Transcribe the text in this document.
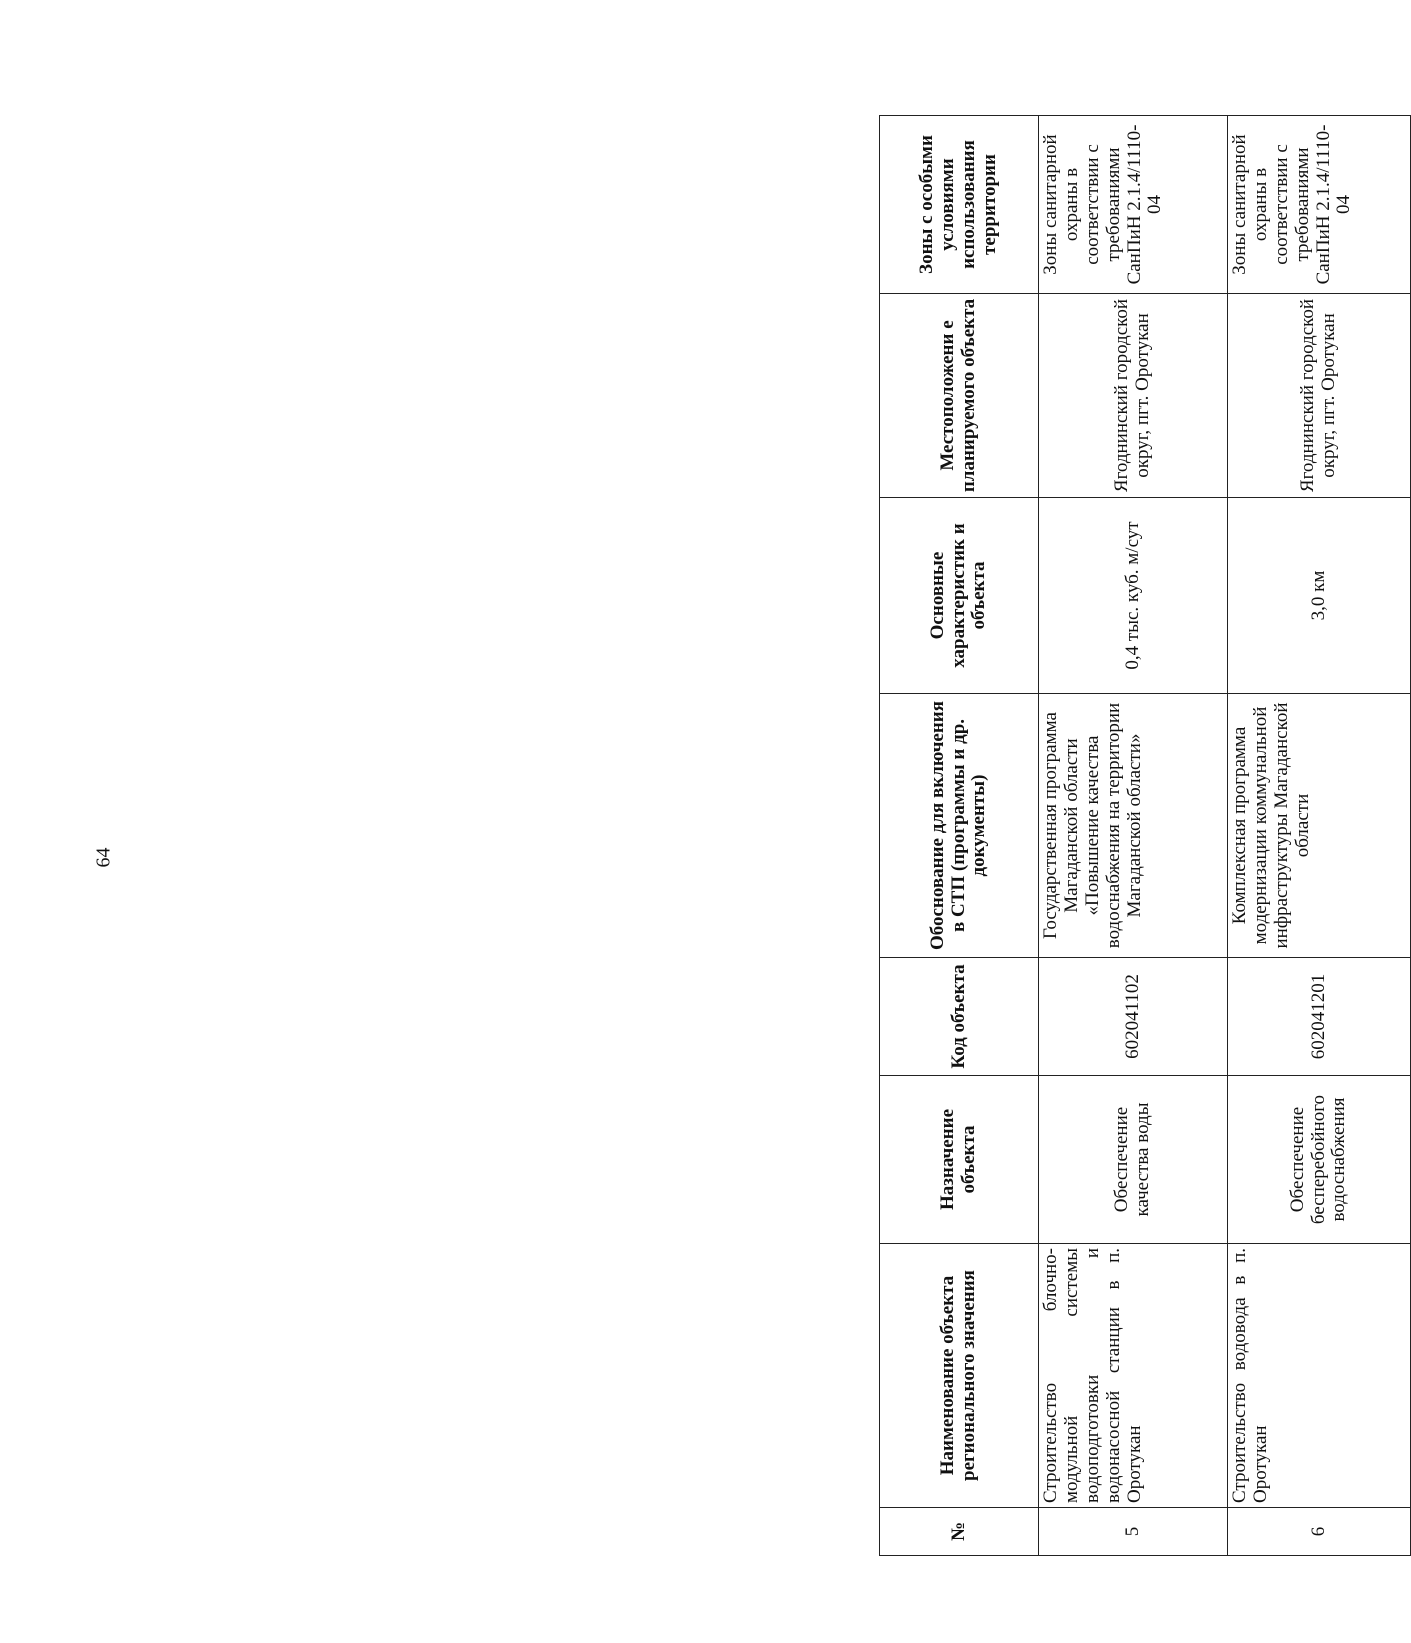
64
№	Наименование объекта регионального значения	Назначение объекта	Код объекта	Обоснование для включения в СТП (программы и др. документы)	Основные характеристик и объекта	Местоположени е планируемого объекта	Зоны с особыми условиями использования территории
5	Строительство блочно-модульной системы водоподготовки и водонасосной станции в п. Оротукан	Обеспечение качества воды	602041102	Государственная программа Магаданской области «Повышение качества водоснабжения на территории Магаданской области»	0,4 тыс. куб. м/сут	Ягоднинский городской округ, пгт. Оротукан	Зоны санитарной охраны в соответствии с требованиями СанПиН 2.1.4/1110-04
6	Строительство водовода в п. Оротукан	Обеспечение бесперебойного водоснабжения	602041201	Комплексная программа модернизации коммунальной инфраструктуры Магаданской области	3,0 км	Ягоднинский городской округ, пгт. Оротукан	Зоны санитарной охраны в соответствии с требованиями СанПиН 2.1.4/1110-04
